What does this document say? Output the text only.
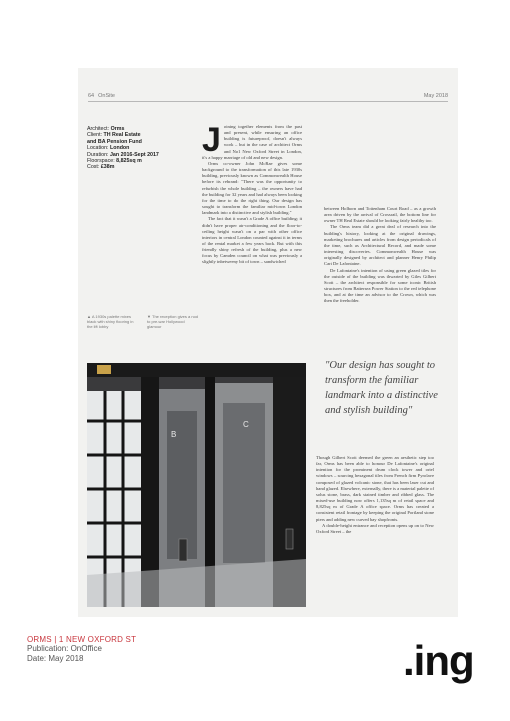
64 OnSite	May 2018
Architect: Orms
Client: TH Real Estate
and BA Pension Fund
Location: London
Duration: Jan 2016-Sept 2017
Floorspace: 8,825sq m
Cost: £38m

Joining together elements from the past and present, while ensuring an office building is futureproof, doesn't always work – but in the case of architect Orms and No1 New Oxford Street in London, it's a happy marriage of old and new design.

Orms co-owner John McRae gives some background to the transformation of this late 1930s building, previously known as Commonwealth House before its rebrand: "There was the opportunity to refurbish the whole building – the owners have had the building for 32 years and had always been looking for the time to do the right thing. Our design has sought to transform the familiar mid-town London landmark into a distinctive and stylish building."

The fact that it wasn't a Grade A office building; it didn't have proper air-conditioning and the floor-to-ceiling height wasn't on a par with other office interiors in central London counted against it in terms of the rental market a few years back. But with this friendly shiny refresh of the building, plus a new focus by Camden council on what was previously a slightly inbetweeny bit of town – sandwiched

between Holborn and Tottenham Court Road – as a growth area driven by the arrival of Crossrail, the bottom line for owner TH Real Estate should be looking fairly healthy too.

The Orms team did a great deal of research into the building's history, looking at the original drawings, marketing brochures and articles from design periodicals of the time, such as Architectural Record, and made some interesting discoveries. Commonwealth House was originally designed by architect and planner Henry Philip Cart De Lafontaine.

De Lafontaine's intention of using green glazed tiles for the outside of the building was thwarted by Giles Gilbert Scott – the architect responsible for some iconic British structures from Battersea Power Station to the red telephone box, and at the time an advisor to the Crown, which was then the freeholder.

▲ A 1930s palette mixes black with shiny flooring in the lift lobby
▼ The reception gives a nod to pre-war Hollywood glamour
B
C
"Our design has sought to transform the familiar landmark into a distinctive and stylish building"

Though Gilbert Scott deemed the green an aesthetic step too far, Orms has been able to honour De Lafontaine's original intention for the prominent drum clock tower and oriel windows – sourcing hexagonal tiles from French firm Pyrolave composed of glazed volcanic stone, that has been laser cut and hand glazed. Elsewhere, externally, there is a material palette of solus stone, brass, dark stained timber and ribbed glass. The mixed-use building now offers 1,135sq m of retail space and 8,825sq m of Grade A office space. Orms has created a consistent retail frontage by keeping the original Portland stone piers and adding new curved bay shopfronts.

A double-height entrance and reception opens up on to New Oxford Street – the

ORMS | 1 NEW OXFORD ST
Publication: OnOffice
Date: May 2018	.ing
